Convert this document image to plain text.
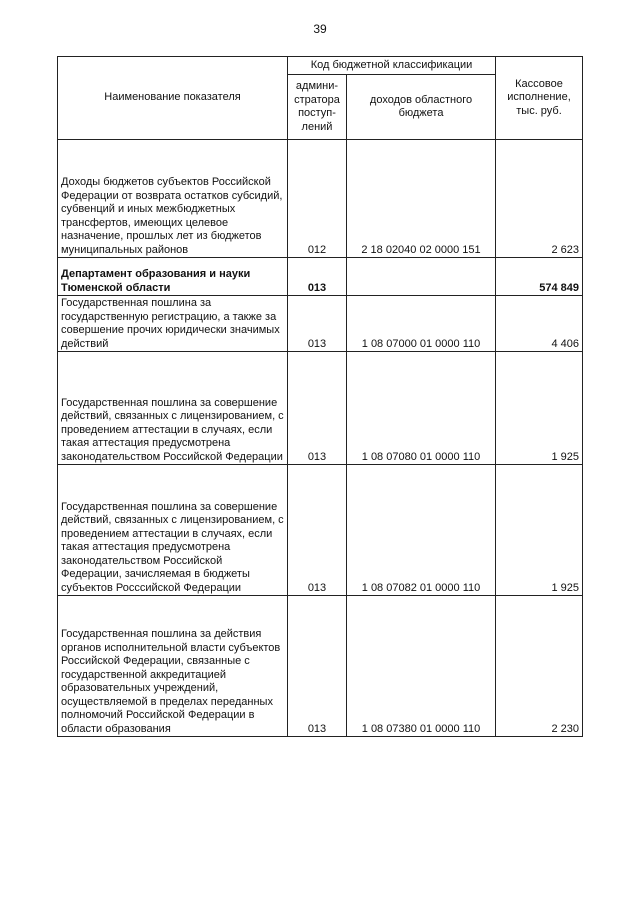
39
Наименование показателя	Код бюджетной классификации		Кассовое исполнение, тыс. руб.
	админи-стратора поступ-лений	доходов областного бюджета	
Доходы бюджетов субъектов Российской Федерации от возврата остатков субсидий, субвенций и иных межбюджетных трансфертов, имеющих целевое назначение, прошлых лет из бюджетов муниципальных районов	012	2 18 02040 02 0000 151	2 623
Департамент образования и науки Тюменской области	013		574 849
Государственная пошлина за государственную регистрацию, а также за совершение прочих юридически значимых действий	013	1 08 07000 01 0000 110	4 406
Государственная пошлина за совершение действий, связанных с лицензированием, с проведением аттестации в случаях, если такая аттестация предусмотрена законодательством Российской Федерации	013	1 08 07080 01 0000 110	1 925
Государственная пошлина за совершение действий, связанных с лицензированием, с проведением аттестации в случаях, если такая аттестация предусмотрена законодательством Российской Федерации, зачисляемая в бюджеты субъектов Росссийской Федерации	013	1 08 07082 01 0000 110	1 925
Государственная пошлина за действия органов исполнительной власти субъектов Российской Федерации, связанные с государственной аккредитацией образовательных учреждений, осуществляемой в пределах переданных полномочий Российской Федерации в области образования	013	1 08 07380 01 0000 110	2 230
